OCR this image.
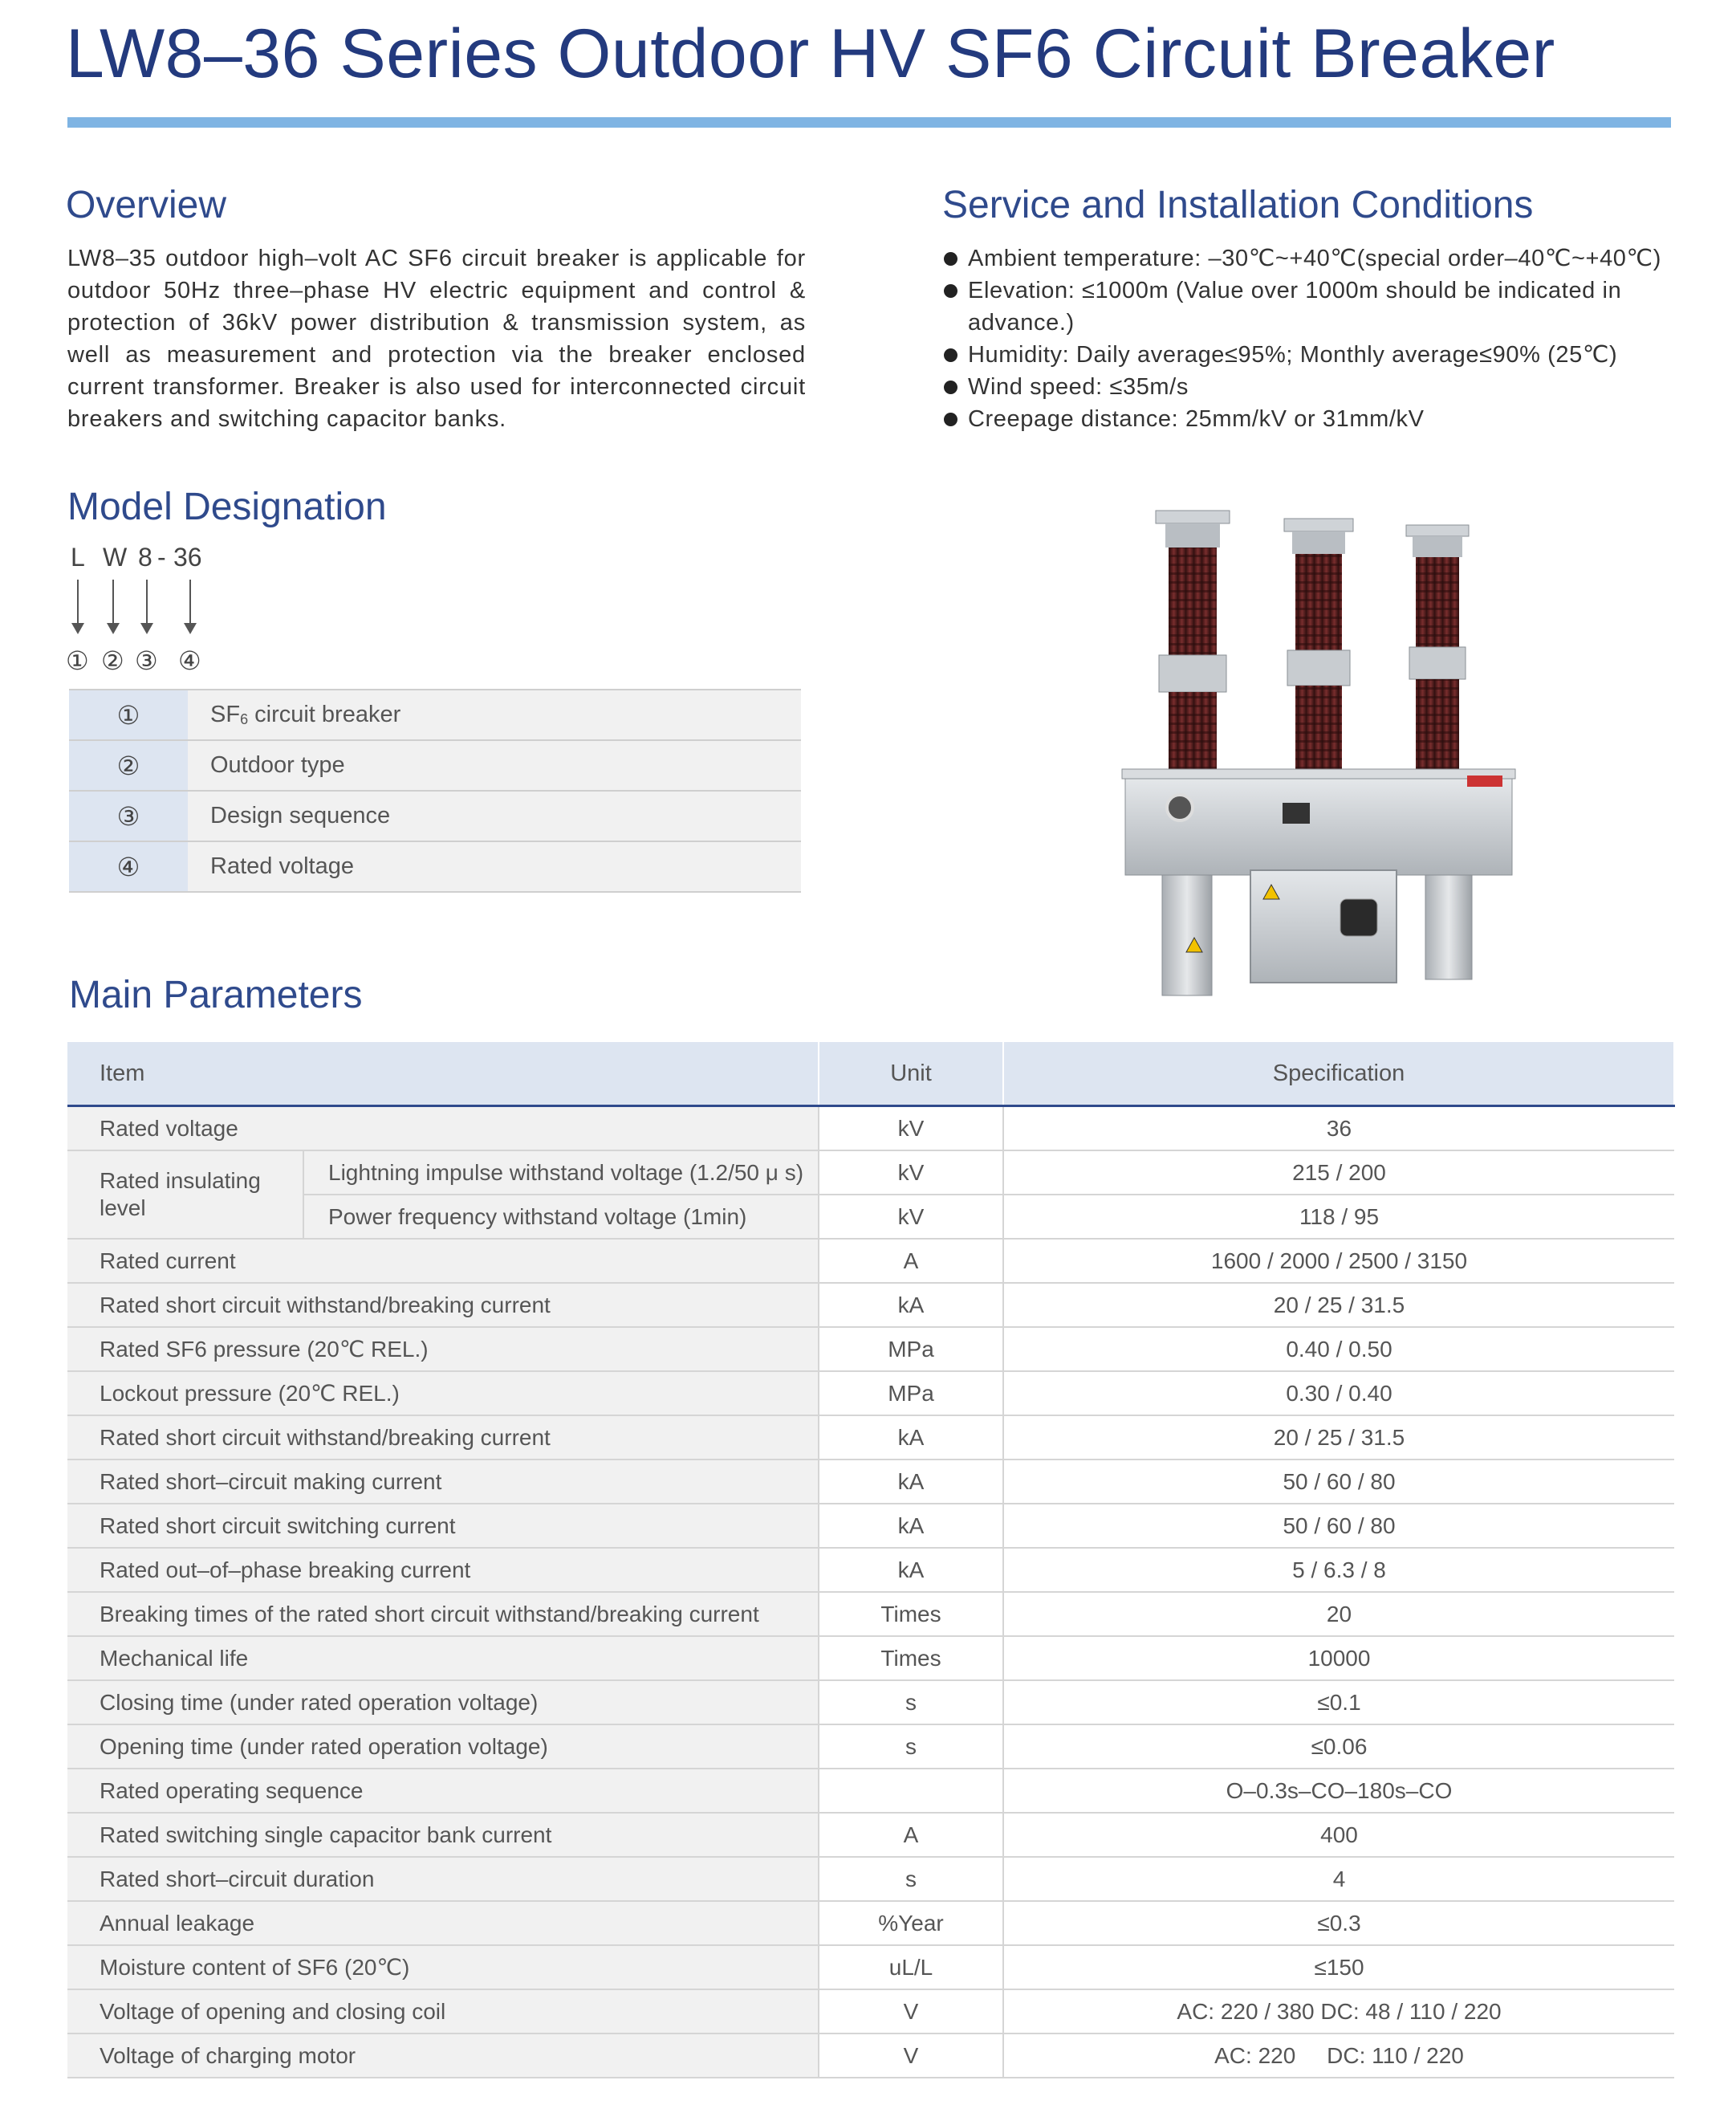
LW8–36 Series Outdoor HV SF6 Circuit Breaker
Overview
LW8–35 outdoor high–volt AC SF6 circuit breaker is applicable for outdoor 50Hz three–phase HV electric equipment and control & protection of 36kV power distribution & transmission system, as well as measurement and protection via the breaker enclosed current transformer. Breaker is also used for interconnected circuit breakers and switching capacitor banks.
Service and Installation Conditions
Ambient temperature: –30℃~+40℃(special order–40℃~+40℃)
Elevation: ≤1000m (Value over 1000m should be indicated in advance.)
Humidity: Daily average≤95%; Monthly average≤90% (25℃)
Wind speed: ≤35m/s
Creepage distance: 25mm/kV or 31mm/kV
Model Designation
L W 8 - 36
① ② ③ ④
①	$SF_6$ circuit breaker
②	Outdoor type
③	Design sequence
④	Rated voltage
Main Parameters
Item		Unit	Specification
Rated voltage		kV	36
Rated insulating level	Lightning impulse withstand voltage (1.2/50 μ s)	kV	215 / 200
	Power frequency withstand voltage (1min)	kV	118 / 95
Rated current		A	1600 / 2000 / 2500 / 3150
Rated short circuit withstand/breaking current		kA	20 / 25 / 31.5
Rated SF6 pressure (20℃ REL.)		MPa	0.40 / 0.50
Lockout pressure (20℃ REL.)		MPa	0.30 / 0.40
Rated short circuit withstand/breaking current		kA	20 / 25 / 31.5
Rated short–circuit making current		kA	50 / 60 / 80
Rated short circuit switching current		kA	50 / 60 / 80
Rated out–of–phase breaking current		kA	5 / 6.3 / 8
Breaking times of the rated short circuit withstand/breaking current		Times	20
Mechanical life		Times	10000
Closing time (under rated operation voltage)		s	≤0.1
Opening time (under rated operation voltage)		s	≤0.06
Rated operating sequence			O–0.3s–CO–180s–CO
Rated switching single capacitor bank current		A	400
Rated short–circuit duration		s	4
Annual leakage		%Year	≤0.3
Moisture content of SF6 (20℃)		uL/L	≤150
Voltage of opening and closing coil		V	AC: 220 / 380 DC: 48 / 110 / 220
Voltage of charging motor		V	AC: 220     DC: 110 / 220
